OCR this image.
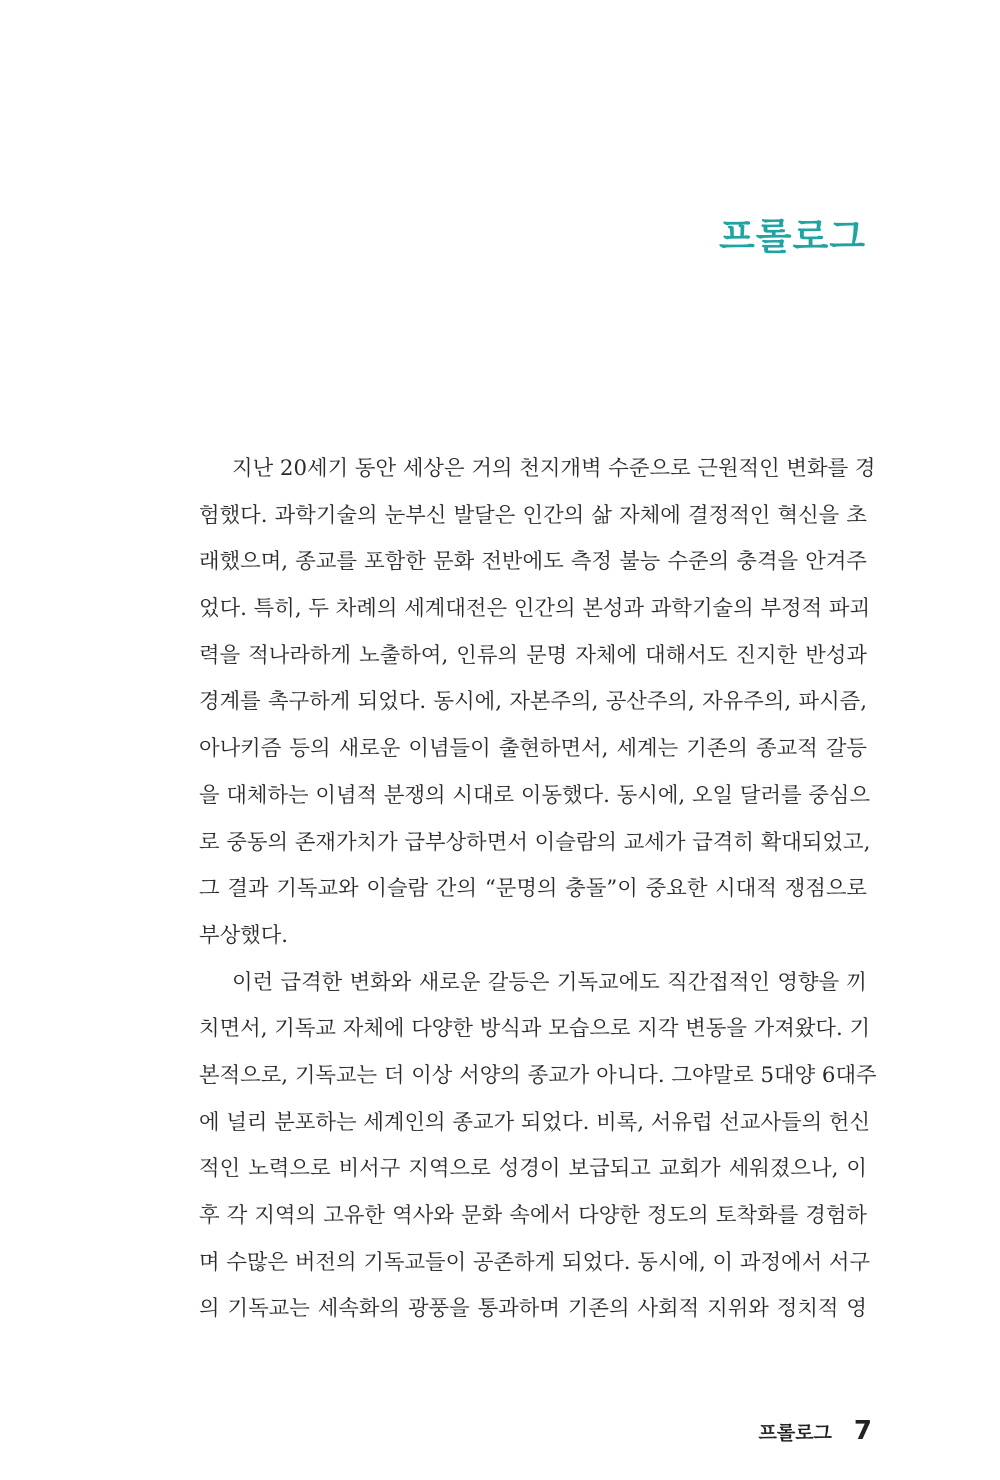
프롤로그
지난 20세기 동안 세상은 거의 천지개벽 수준으로 근원적인 변화를 경
험했다. 과학기술의 눈부신 발달은 인간의 삶 자체에 결정적인 혁신을 초
래했으며, 종교를 포함한 문화 전반에도 측정 불능 수준의 충격을 안겨주
었다. 특히, 두 차례의 세계대전은 인간의 본성과 과학기술의 부정적 파괴
력을 적나라하게 노출하여, 인류의 문명 자체에 대해서도 진지한 반성과
경계를 촉구하게 되었다. 동시에, 자본주의, 공산주의, 자유주의, 파시즘,
아나키즘 등의 새로운 이념들이 출현하면서, 세계는 기존의 종교적 갈등
을 대체하는 이념적 분쟁의 시대로 이동했다. 동시에, 오일 달러를 중심으
로 중동의 존재가치가 급부상하면서 이슬람의 교세가 급격히 확대되었고,
그 결과 기독교와 이슬람 간의 “문명의 충돌”이 중요한 시대적 쟁점으로
부상했다.
이런 급격한 변화와 새로운 갈등은 기독교에도 직간접적인 영향을 끼
치면서, 기독교 자체에 다양한 방식과 모습으로 지각 변동을 가져왔다. 기
본적으로, 기독교는 더 이상 서양의 종교가 아니다. 그야말로 5대양 6대주
에 널리 분포하는 세계인의 종교가 되었다. 비록, 서유럽 선교사들의 헌신
적인 노력으로 비서구 지역으로 성경이 보급되고 교회가 세워졌으나, 이
후 각 지역의 고유한 역사와 문화 속에서 다양한 정도의 토착화를 경험하
며 수많은 버전의 기독교들이 공존하게 되었다. 동시에, 이 과정에서 서구
의 기독교는 세속화의 광풍을 통과하며 기존의 사회적 지위와 정치적 영
프롤로그 7
